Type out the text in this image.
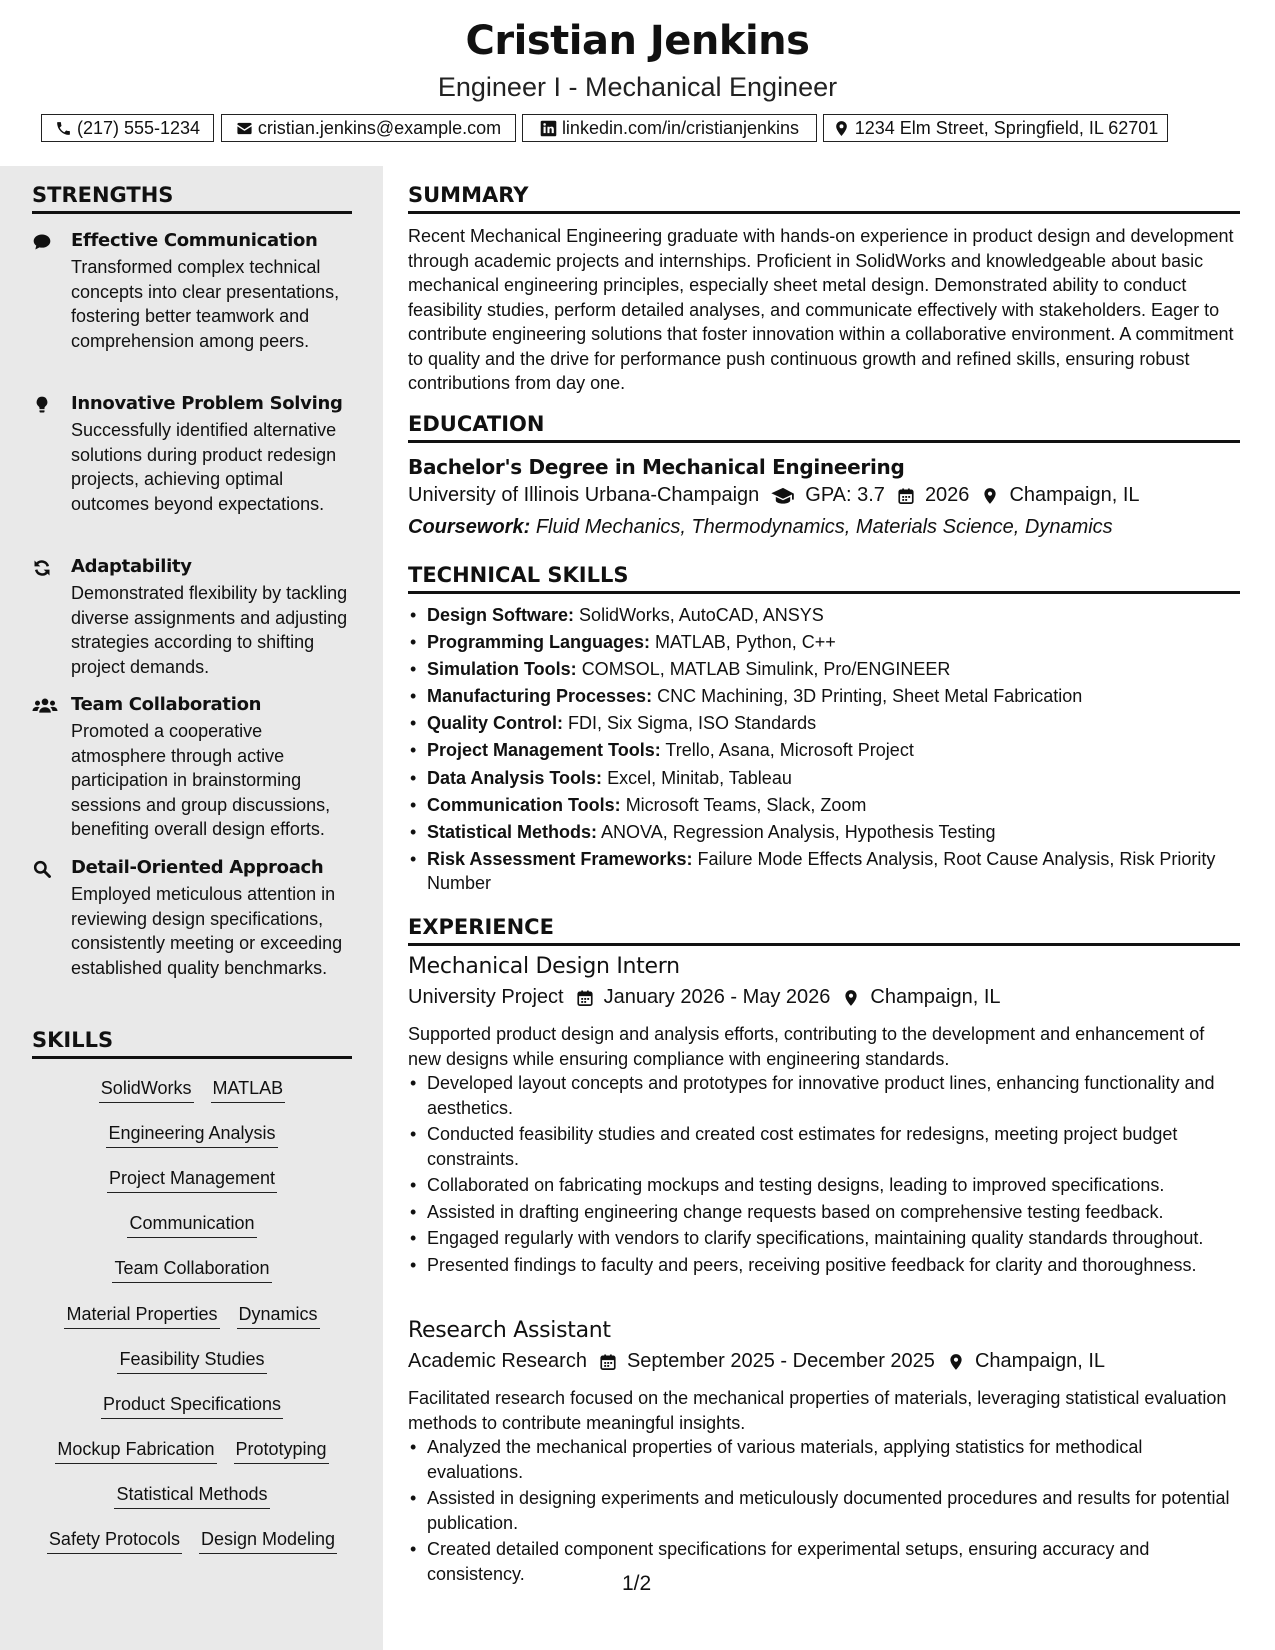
Cristian Jenkins
Engineer I - Mechanical Engineer
(217) 555-1234	cristian.jenkins@example.com	linkedin.com/in/cristianjenkins	1234 Elm Street, Springfield, IL 62701
STRENGTHS
Effective Communication
Transformed complex technical concepts into clear presentations, fostering better teamwork and comprehension among peers.
Innovative Problem Solving
Successfully identified alternative solutions during product redesign projects, achieving optimal outcomes beyond expectations.
Adaptability
Demonstrated flexibility by tackling diverse assignments and adjusting strategies according to shifting project demands.
Team Collaboration
Promoted a cooperative atmosphere through active participation in brainstorming sessions and group discussions, benefiting overall design efforts.
Detail-Oriented Approach
Employed meticulous attention in reviewing design specifications, consistently meeting or exceeding established quality benchmarks.
SKILLS
SolidWorks MATLAB
Engineering Analysis
Project Management
Communication
Team Collaboration
Material Properties Dynamics
Feasibility Studies
Product Specifications
Mockup Fabrication Prototyping
Statistical Methods
Safety Protocols Design Modeling
SUMMARY
Recent Mechanical Engineering graduate with hands-on experience in product design and development through academic projects and internships. Proficient in SolidWorks and knowledgeable about basic mechanical engineering principles, especially sheet metal design. Demonstrated ability to conduct feasibility studies, perform detailed analyses, and communicate effectively with stakeholders. Eager to contribute engineering solutions that foster innovation within a collaborative environment. A commitment to quality and the drive for performance push continuous growth and refined skills, ensuring robust contributions from day one.
EDUCATION
Bachelor's Degree in Mechanical Engineering
University of Illinois Urbana-Champaign GPA: 3.7 2026 Champaign, IL
Coursework: Fluid Mechanics, Thermodynamics, Materials Science, Dynamics
TECHNICAL SKILLS
• Design Software: SolidWorks, AutoCAD, ANSYS
• Programming Languages: MATLAB, Python, C++
• Simulation Tools: COMSOL, MATLAB Simulink, Pro/ENGINEER
• Manufacturing Processes: CNC Machining, 3D Printing, Sheet Metal Fabrication
• Quality Control: FDI, Six Sigma, ISO Standards
• Project Management Tools: Trello, Asana, Microsoft Project
• Data Analysis Tools: Excel, Minitab, Tableau
• Communication Tools: Microsoft Teams, Slack, Zoom
• Statistical Methods: ANOVA, Regression Analysis, Hypothesis Testing
• Risk Assessment Frameworks: Failure Mode Effects Analysis, Root Cause Analysis, Risk Priority Number
EXPERIENCE
Mechanical Design Intern
University Project January 2026 - May 2026 Champaign, IL
Supported product design and analysis efforts, contributing to the development and enhancement of new designs while ensuring compliance with engineering standards.
• Developed layout concepts and prototypes for innovative product lines, enhancing functionality and aesthetics.
• Conducted feasibility studies and created cost estimates for redesigns, meeting project budget constraints.
• Collaborated on fabricating mockups and testing designs, leading to improved specifications.
• Assisted in drafting engineering change requests based on comprehensive testing feedback.
• Engaged regularly with vendors to clarify specifications, maintaining quality standards throughout.
• Presented findings to faculty and peers, receiving positive feedback for clarity and thoroughness.
Research Assistant
Academic Research September 2025 - December 2025 Champaign, IL
Facilitated research focused on the mechanical properties of materials, leveraging statistical evaluation methods to contribute meaningful insights.
• Analyzed the mechanical properties of various materials, applying statistics for methodical evaluations.
• Assisted in designing experiments and meticulously documented procedures and results for potential publication.
• Created detailed component specifications for experimental setups, ensuring accuracy and consistency.	1/2
